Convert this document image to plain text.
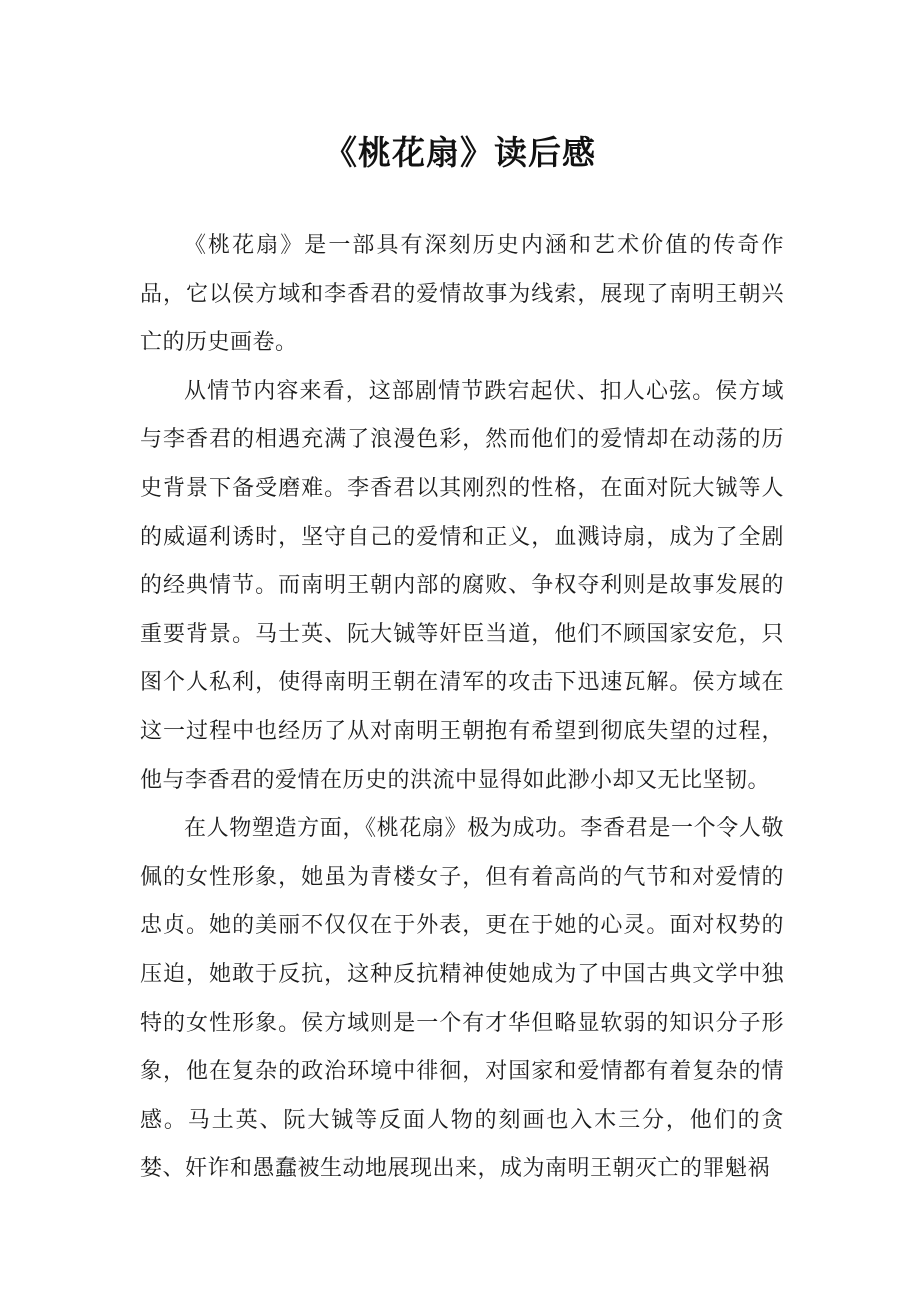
《桃花扇》读后感

《桃花扇》是一部具有深刻历史内涵和艺术价值的传奇作品，它以侯方域和李香君的爱情故事为线索，展现了南明王朝兴亡的历史画卷。

从情节内容来看，这部剧情节跌宕起伏、扣人心弦。侯方域与李香君的相遇充满了浪漫色彩，然而他们的爱情却在动荡的历史背景下备受磨难。李香君以其刚烈的性格，在面对阮大铖等人的威逼利诱时，坚守自己的爱情和正义，血溅诗扇，成为了全剧的经典情节。而南明王朝内部的腐败、争权夺利则是故事发展的重要背景。马士英、阮大铖等奸臣当道，他们不顾国家安危，只图个人私利，使得南明王朝在清军的攻击下迅速瓦解。侯方域在这一过程中也经历了从对南明王朝抱有希望到彻底失望的过程，他与李香君的爱情在历史的洪流中显得如此渺小却又无比坚韧。

在人物塑造方面，《桃花扇》极为成功。李香君是一个令人敬佩的女性形象，她虽为青楼女子，但有着高尚的气节和对爱情的忠贞。她的美丽不仅仅在于外表，更在于她的心灵。面对权势的压迫，她敢于反抗，这种反抗精神使她成为了中国古典文学中独特的女性形象。侯方域则是一个有才华但略显软弱的知识分子形象，他在复杂的政治环境中徘徊，对国家和爱情都有着复杂的情感。马土英、阮大铖等反面人物的刻画也入木三分，他们的贪婪、奸诈和愚蠢被生动地展现出来，成为南明王朝灭亡的罪魁祸
